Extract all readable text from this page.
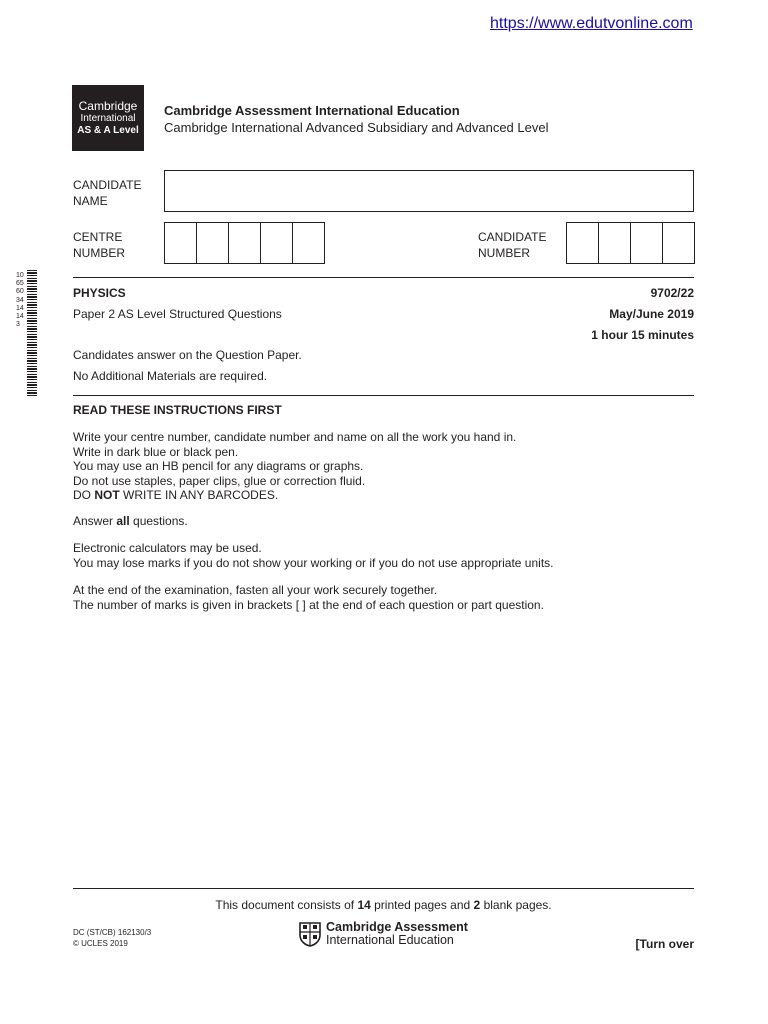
https://www.edutvonline.com
Cambridge
International
AS & A Level
Cambridge Assessment International Education
Cambridge International Advanced Subsidiary and Advanced Level
CANDIDATE
NAME
CENTRE
NUMBER
CANDIDATE
NUMBER
1065603414143
PHYSICS	9702/22
Paper 2 AS Level Structured Questions	May/June 2019
1 hour 15 minutes
Candidates answer on the Question Paper.
No Additional Materials are required.
READ THESE INSTRUCTIONS FIRST
Write your centre number, candidate number and name on all the work you hand in.
Write in dark blue or black pen.
You may use an HB pencil for any diagrams or graphs.
Do not use staples, paper clips, glue or correction fluid.
DO NOT WRITE IN ANY BARCODES.
Answer all questions.
Electronic calculators may be used.
You may lose marks if you do not show your working or if you do not use appropriate units.
At the end of the examination, fasten all your work securely together.
The number of marks is given in brackets [ ] at the end of each question or part question.
This document consists of 14 printed pages and 2 blank pages.
DC (ST/CB) 162130/3
© UCLES 2019
Cambridge Assessment
International Education	[Turn over
